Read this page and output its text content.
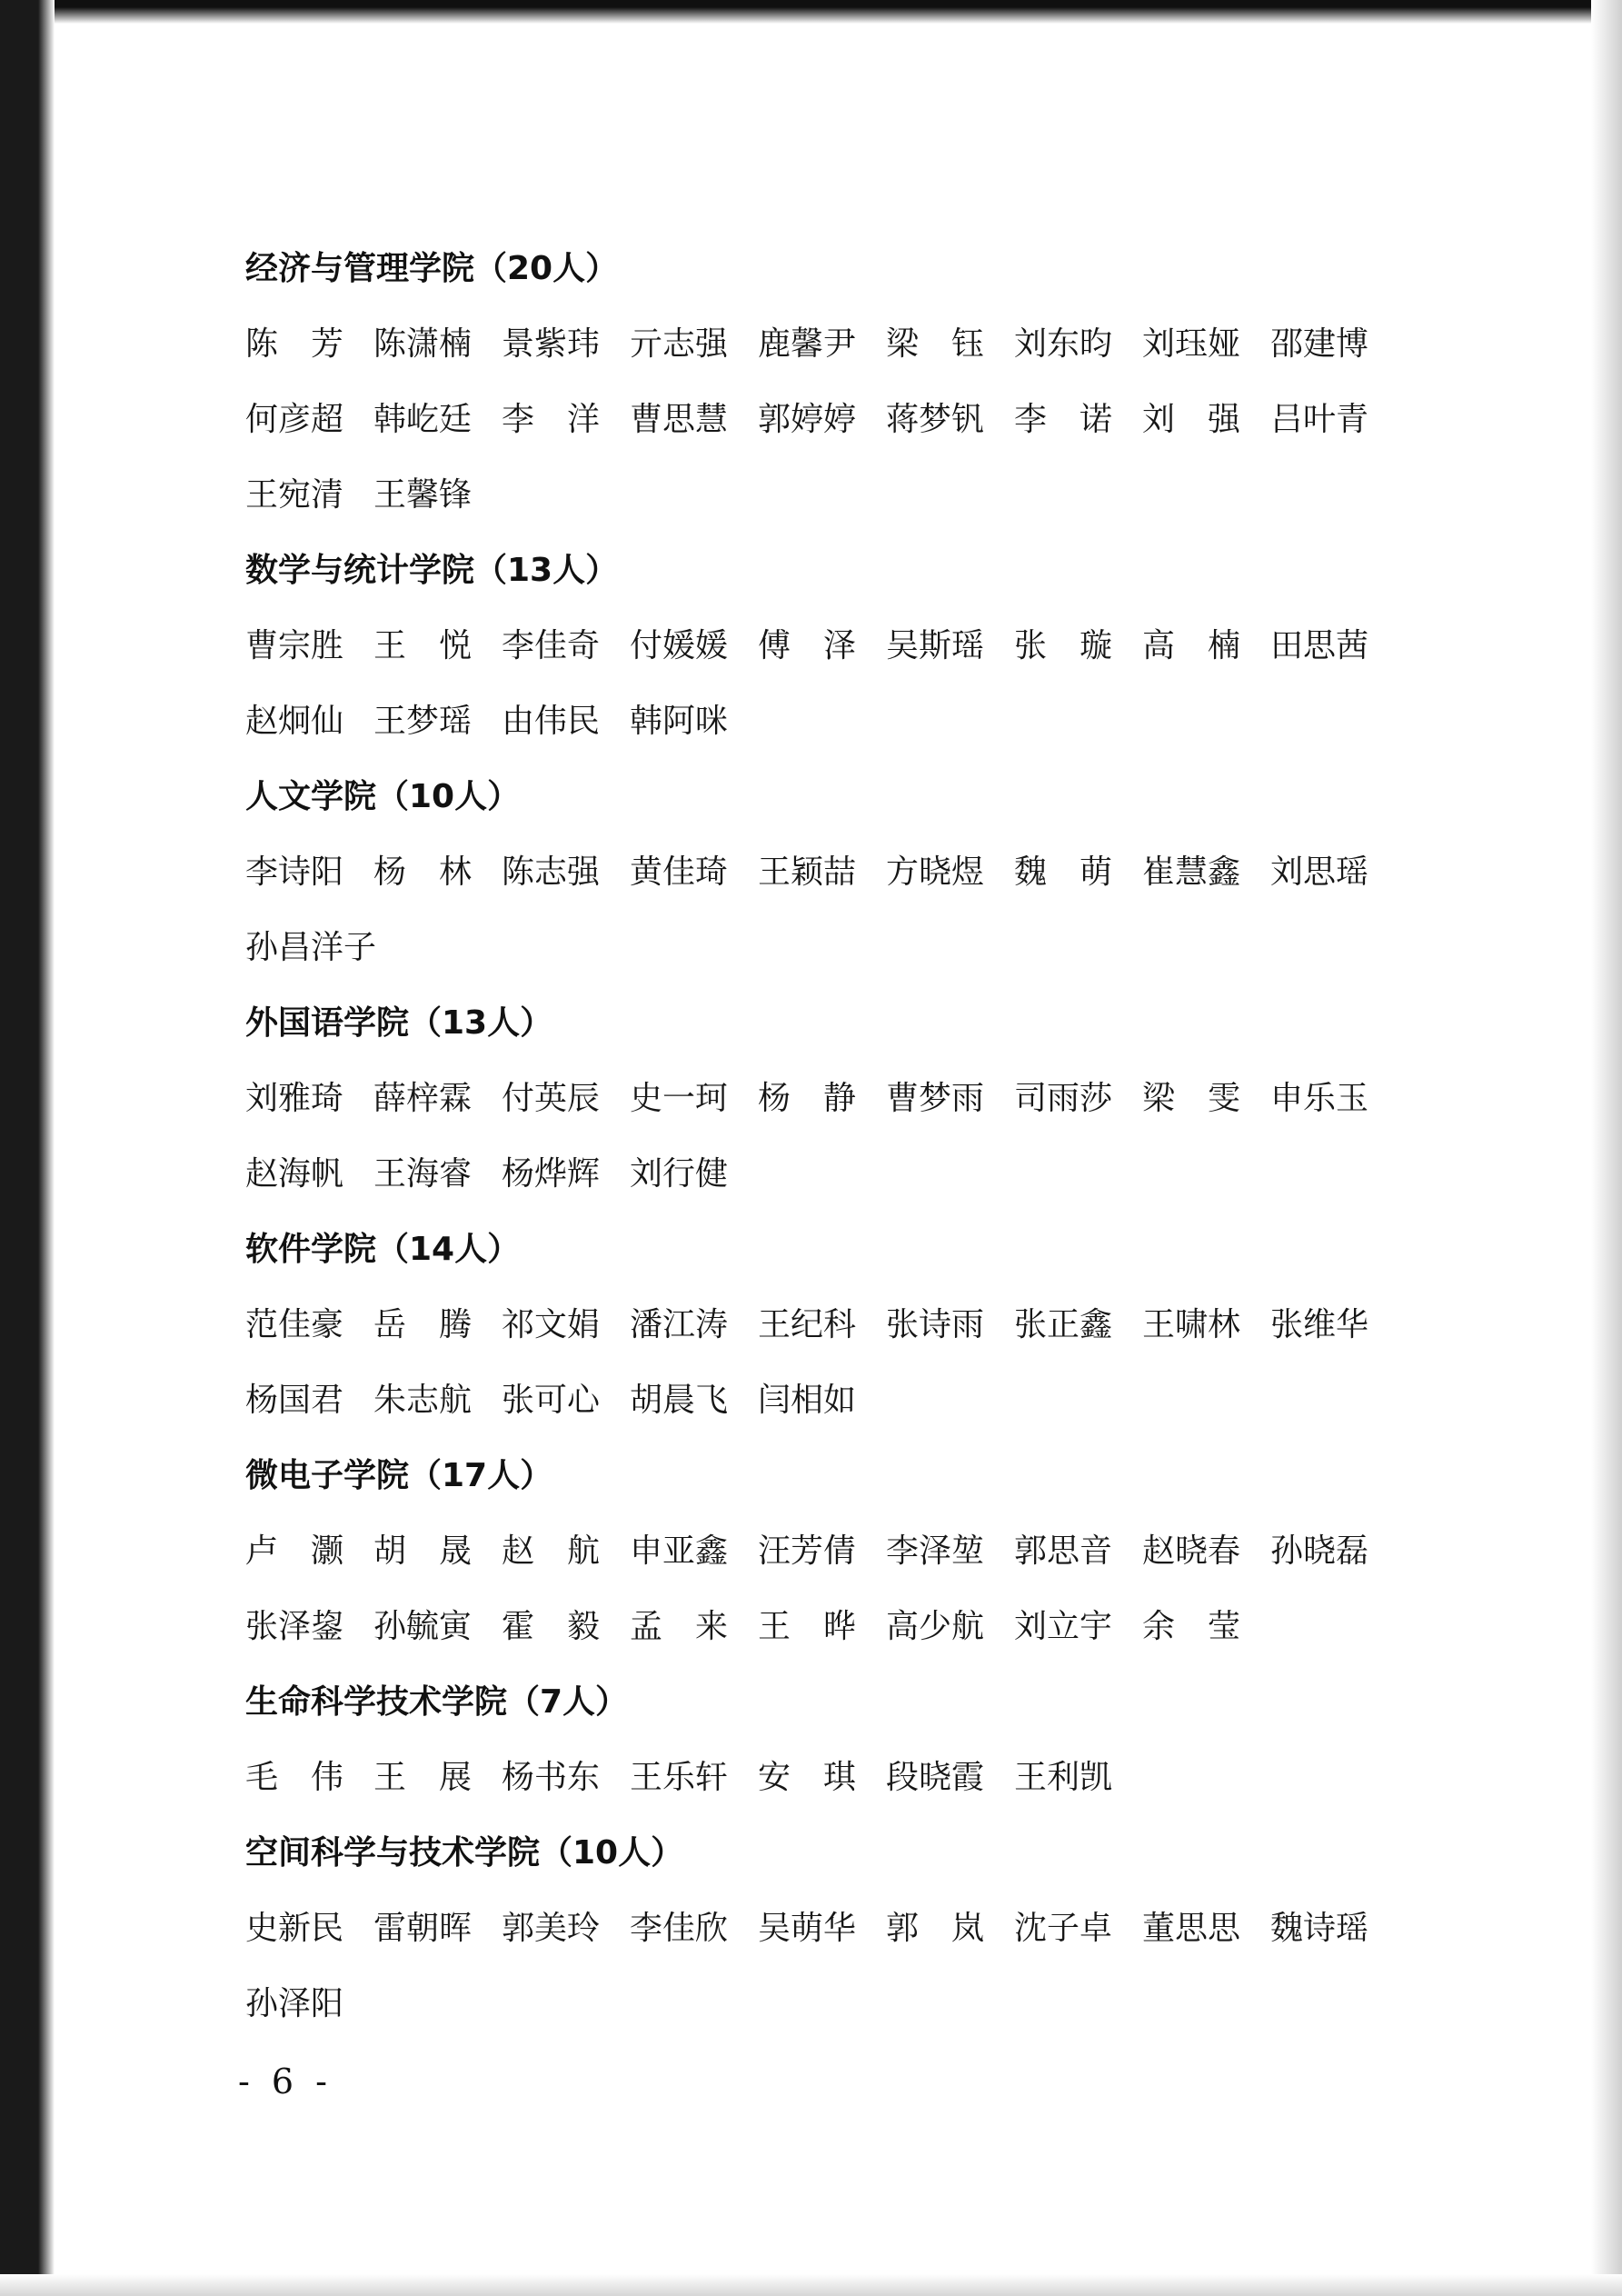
经济与管理学院（20人）
陈　芳 陈潇楠 景紫玮 亓志强 鹿馨尹 梁　钰 刘东昀 刘珏娅 邵建博
何彦超 韩屹廷 李　洋 曹思慧 郭婷婷 蒋梦钒 李　诺 刘　强 吕叶青
王宛清 王馨锋
数学与统计学院（13人）
曹宗胜 王　悦 李佳奇 付媛媛 傅　泽 吴斯瑶 张　璇 高　楠 田思茜
赵炯仙 王梦瑶 由伟民 韩阿咪
人文学院（10人）
李诗阳 杨　林 陈志强 黄佳琦 王颖喆 方晓煜 魏　萌 崔慧鑫 刘思瑶
孙昌洋子
外国语学院（13人）
刘雅琦 薛梓霖 付英辰 史一珂 杨　静 曹梦雨 司雨莎 梁　雯 申乐玉
赵海帆 王海睿 杨烨辉 刘行健
软件学院（14人）
范佳豪 岳　腾 祁文娟 潘江涛 王纪科 张诗雨 张正鑫 王啸林 张维华
杨国君 朱志航 张可心 胡晨飞 闫相如
微电子学院（17人）
卢　灏 胡　晟 赵　航 申亚鑫 汪芳倩 李泽堃 郭思音 赵晓春 孙晓磊
张泽鋆 孙毓寅 霍　毅 孟　来 王　晔 高少航 刘立宇 余　莹
生命科学技术学院（7人）
毛　伟 王　展 杨书东 王乐轩 安　琪 段晓霞 王利凯
空间科学与技术学院（10人）
史新民 雷朝晖 郭美玲 李佳欣 吴萌华 郭　岚 沈子卓 董思思 魏诗瑶
孙泽阳
- 6 -
